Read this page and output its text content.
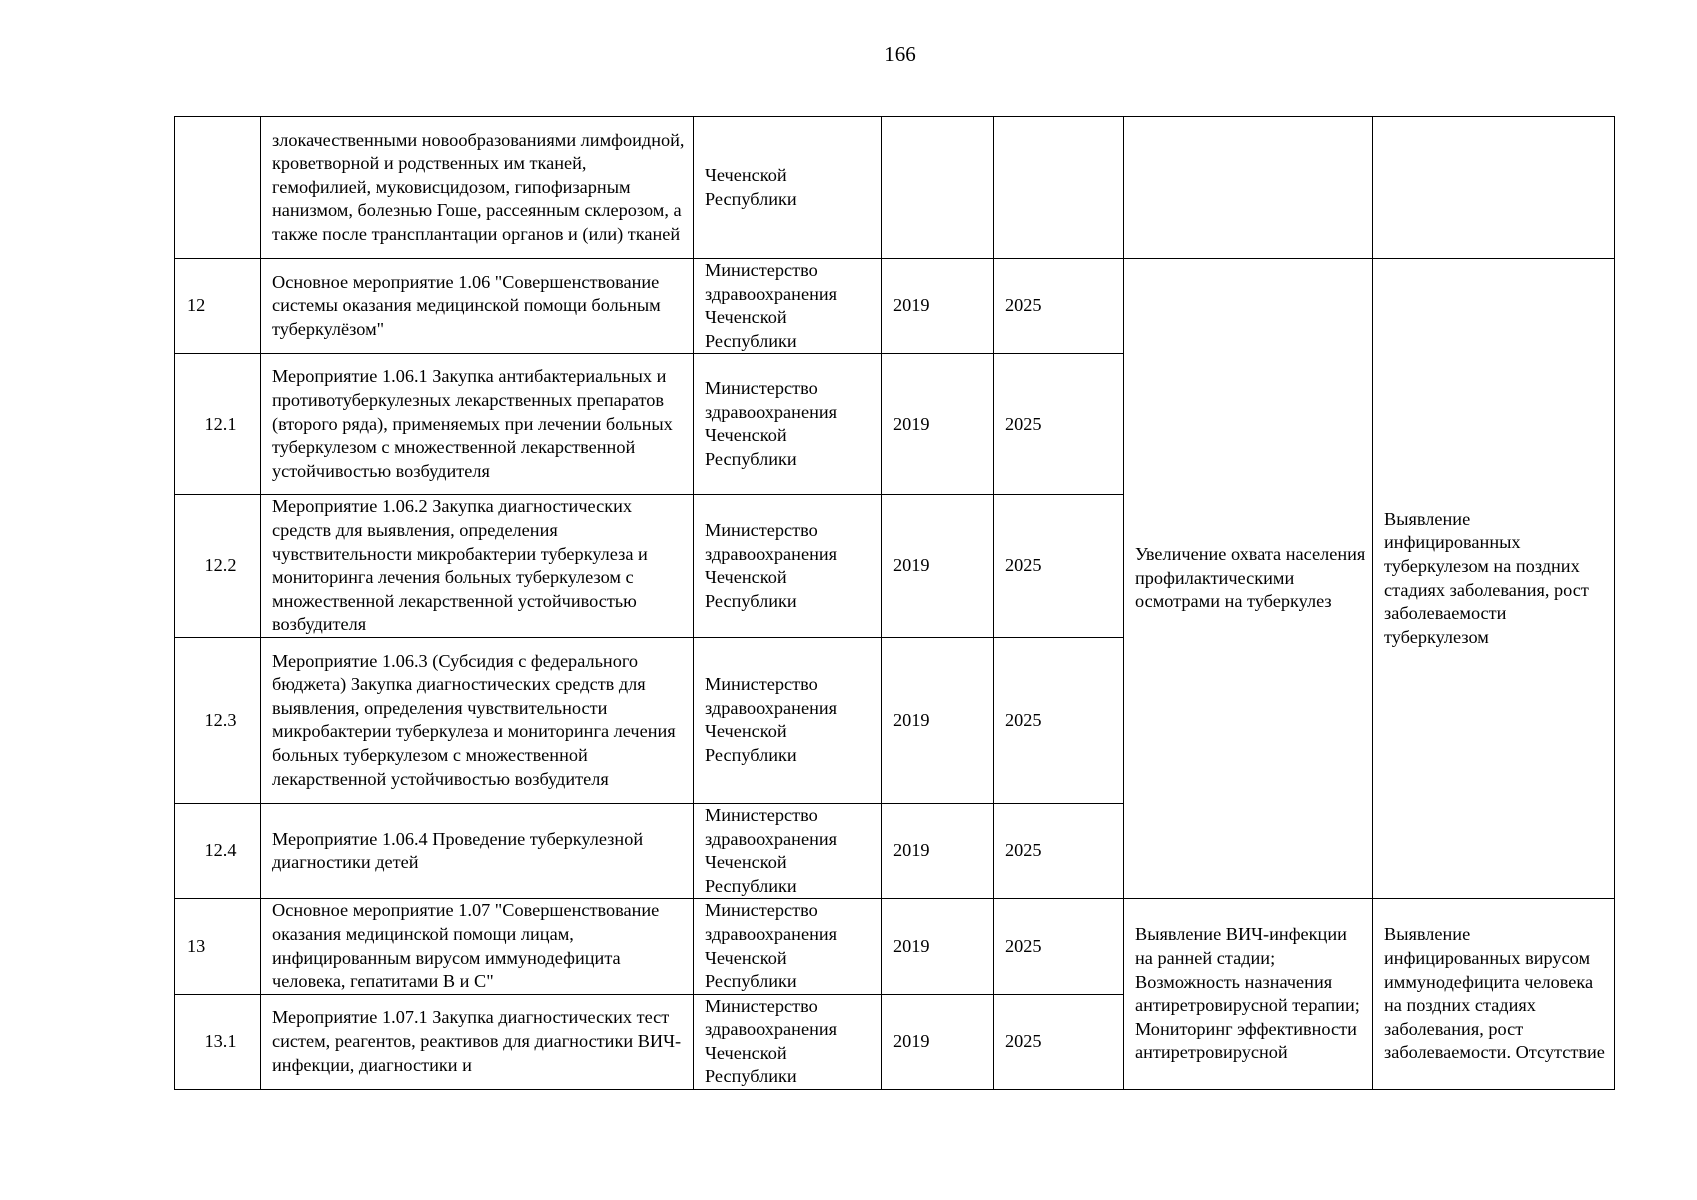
166
	злокачественными новообразованиями лимфоидной, кроветворной и родственных им тканей, гемофилией, муковисцидозом, гипофизарным нанизмом, болезнью Гоше, рассеянным склерозом, а также после трансплантации органов и (или) тканей	Чеченской Республики				
12	Основное мероприятие 1.06 "Совершенствование системы оказания медицинской помощи больным туберкулёзом"	Министерство здравоохранения Чеченской Республики	2019	2025	Увеличение охвата населения профилактическими осмотрами на туберкулез	Выявление инфицированных туберкулезом на поздних стадиях заболевания, рост заболеваемости туберкулезом
12.1	Мероприятие 1.06.1 Закупка антибактериальных и противотуберкулезных лекарственных препаратов (второго ряда), применяемых при лечении больных туберкулезом с множественной лекарственной устойчивостью возбудителя	Министерство здравоохранения Чеченской Республики	2019	2025		
12.2	Мероприятие 1.06.2 Закупка диагностических средств для выявления, определения чувствительности микробактерии туберкулеза и мониторинга лечения больных туберкулезом с множественной лекарственной устойчивостью возбудителя	Министерство здравоохранения Чеченской Республики	2019	2025		
12.3	Мероприятие 1.06.3 (Субсидия с федерального бюджета) Закупка диагностических средств для выявления, определения чувствительности микробактерии туберкулеза и мониторинга лечения больных туберкулезом с множественной лекарственной устойчивостью возбудителя	Министерство здравоохранения Чеченской Республики	2019	2025		
12.4	Мероприятие 1.06.4 Проведение туберкулезной диагностики детей	Министерство здравоохранения Чеченской Республики	2019	2025		
13	Основное мероприятие 1.07 "Совершенствование оказания медицинской помощи лицам, инфицированным вирусом иммунодефицита человека, гепатитами B и C"	Министерство здравоохранения Чеченской Республики	2019	2025	Выявление ВИЧ-инфекции на ранней стадии; Возможность назначения антиретровирусной терапии; Мониторинг эффективности антиретровирусной	Выявление инфицированных вирусом иммунодефицита человека на поздних стадиях заболевания, рост заболеваемости. Отсутствие
13.1	Мероприятие 1.07.1 Закупка диагностических тест систем, реагентов, реактивов для диагностики ВИЧ-инфекции, диагностики и	Министерство здравоохранения Чеченской Республики	2019	2025		
